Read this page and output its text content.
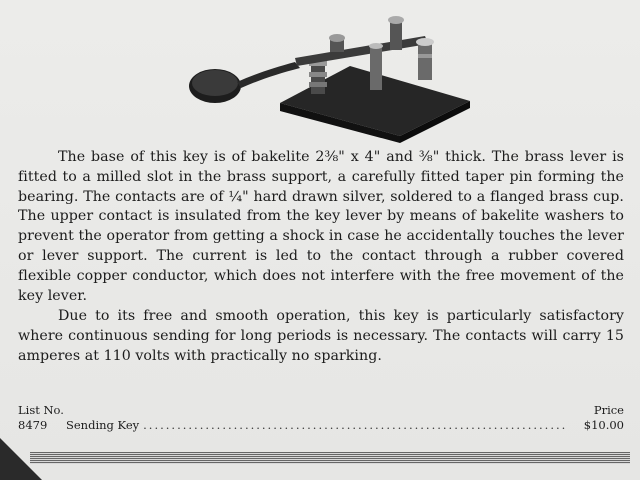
The base of this key is of bakelite 2⅜" x 4" and ⅜" thick. The brass lever is fitted to a milled slot in the brass support, a carefully fitted taper pin forming the bearing. The contacts are of ¼" hard drawn silver, soldered to a flanged brass cup. The upper contact is insulated from the key lever by means of bakelite washers to prevent the operator from getting a shock in case he accidentally touches the lever or lever support. The current is led to the contact through a rubber covered flexible copper conductor, which does not interfere with the free movement of the key lever.

Due to its free and smooth operation, this key is particularly satisfactory where continuous sending for long periods is necessary. The contacts will carry 15 amperes at 110 volts with practically no sparking.

List No.	Price
8479	Sending Key ...........................................................................	$10.00
